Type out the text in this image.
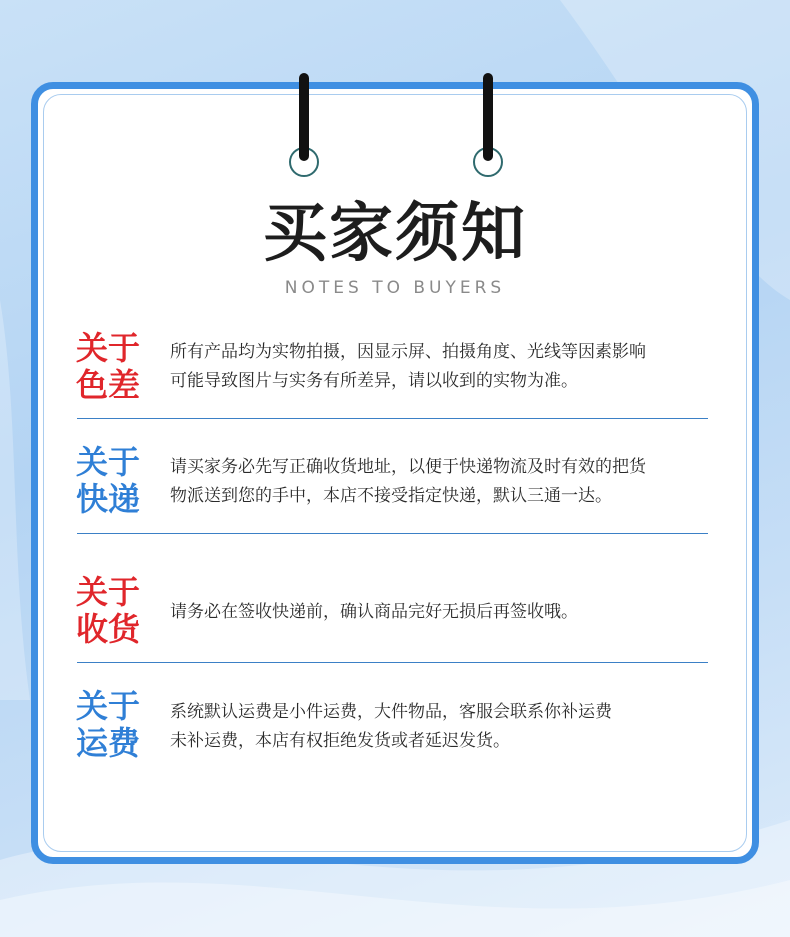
买家须知
NOTES TO BUYERS
关于
色差
所有产品均为实物拍摄，因显示屏、拍摄角度、光线等因素影响
可能导致图片与实务有所差异，请以收到的实物为准。
关于
快递
请买家务必先写正确收货地址，以便于快递物流及时有效的把货
物派送到您的手中，本店不接受指定快递，默认三通一达。
关于
收货	请务必在签收快递前，确认商品完好无损后再签收哦。
关于
运费
系统默认运费是小件运费，大件物品，客服会联系你补运费
未补运费，本店有权拒绝发货或者延迟发货。
